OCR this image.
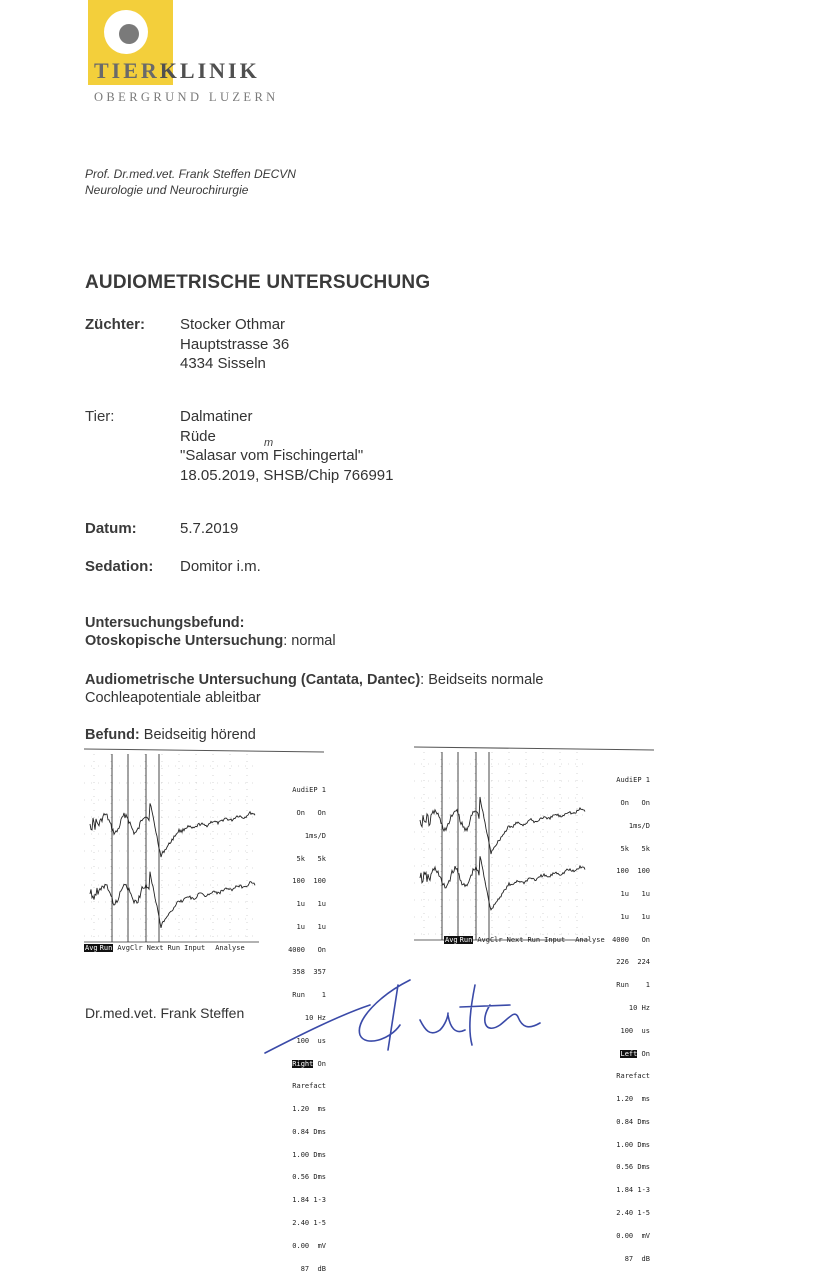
TIERKLINIK
OBERGRUND LUZERN
Prof. Dr.med.vet. Frank Steffen DECVN
Neurologie und Neurochirurgie
AUDIOMETRISCHE UNTERSUCHUNG
Züchter: Stocker Othmar
Hauptstrasse 36
4334 Sisseln
Tier:	Dalmatiner
Rüde
"Salasar vom Fischingertal"
18.05.2019, SHSB/Chip 766991
m
Datum:	5.7.2019
Sedation: Domitor i.m.
Untersuchungsbefund:
Otoskopische Untersuchung: normal
Audiometrische Untersuchung (Cantata, Dantec): Beidseits normale
Cochleapotentiale ableitbar
Befund: Beidseitig hörend

AudiEP 1

On   On

1ms/D

5k   5k

100  100

1u   1u

1u   1u

4000   On

358  357

Run    1

10 Hz

100  us

Right On

Rarefact

1.20  ms

0.84 Dms

1.00 Dms

0.56 Dms

1.84 1-3

2.40 1-5

0.00  mV

87  dB

Avg Run AvgClr Next Run Input Analyse

AudiEP 1

On   On

1ms/D

5k   5k

100  100

1u   1u

1u   1u

4000   On

226  224

Run    1

10 Hz

100  us

Left On

Rarefact

1.20  ms

0.84 Dms

1.00 Dms

0.56 Dms

1.84 1-3

2.40 1-5

0.00  mV

87  dB

Avg Run AvgClr Next Run Input Analyse
Dr.med.vet. Frank Steffen
